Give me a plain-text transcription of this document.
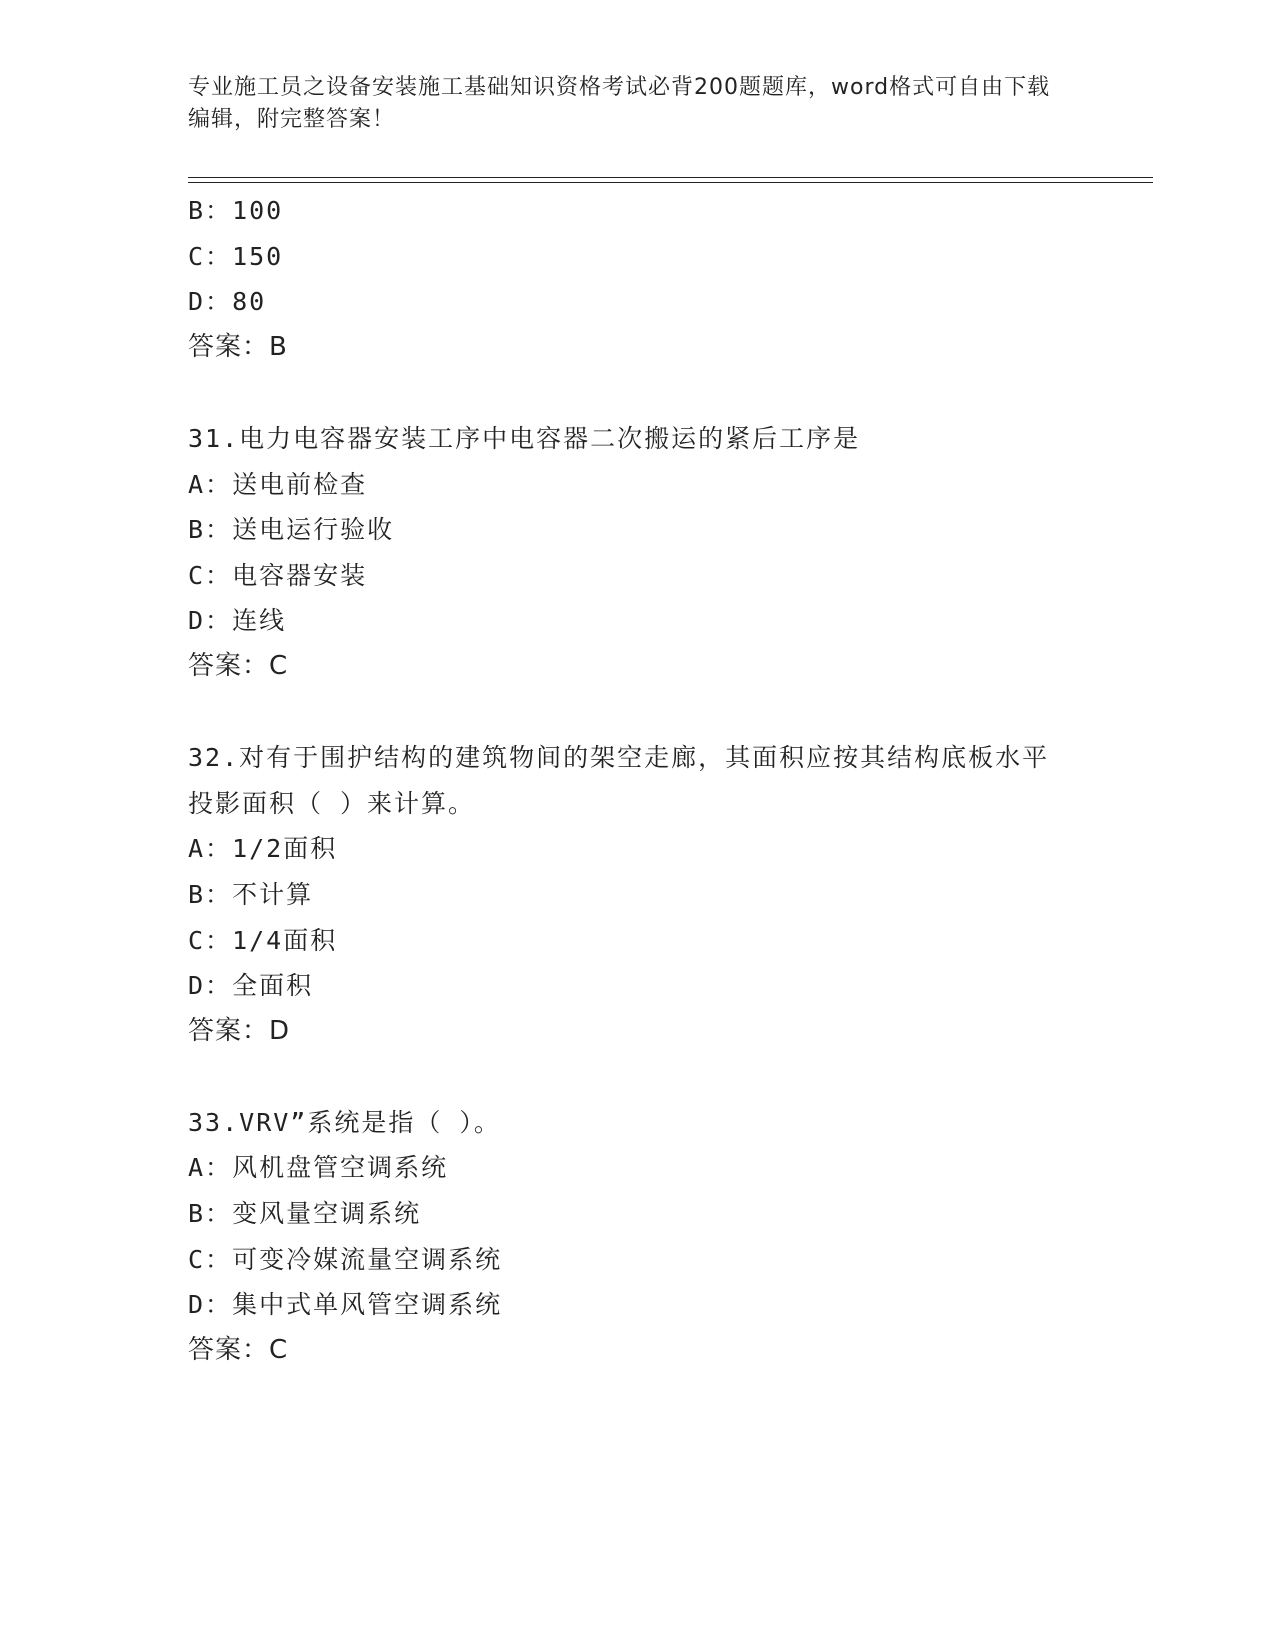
专业施工员之设备安装施工基础知识资格考试必背200题题库，word格式可自由下载编辑，附完整答案！
B：100
C：150
D：80
答案：B
31.电力电容器安装工序中电容器二次搬运的紧后工序是
A：送电前检查
B：送电运行验收
C：电容器安装
D：连线
答案：C
32.对有于围护结构的建筑物间的架空走廊，其面积应按其结构底板水平投影面积（ ）来计算。
A：1/2面积
B：不计算
C：1/4面积
D：全面积
答案：D
33.VRV”系统是指（ ）。
A：风机盘管空调系统
B：变风量空调系统
C：可变冷媒流量空调系统
D：集中式单风管空调系统
答案：C
